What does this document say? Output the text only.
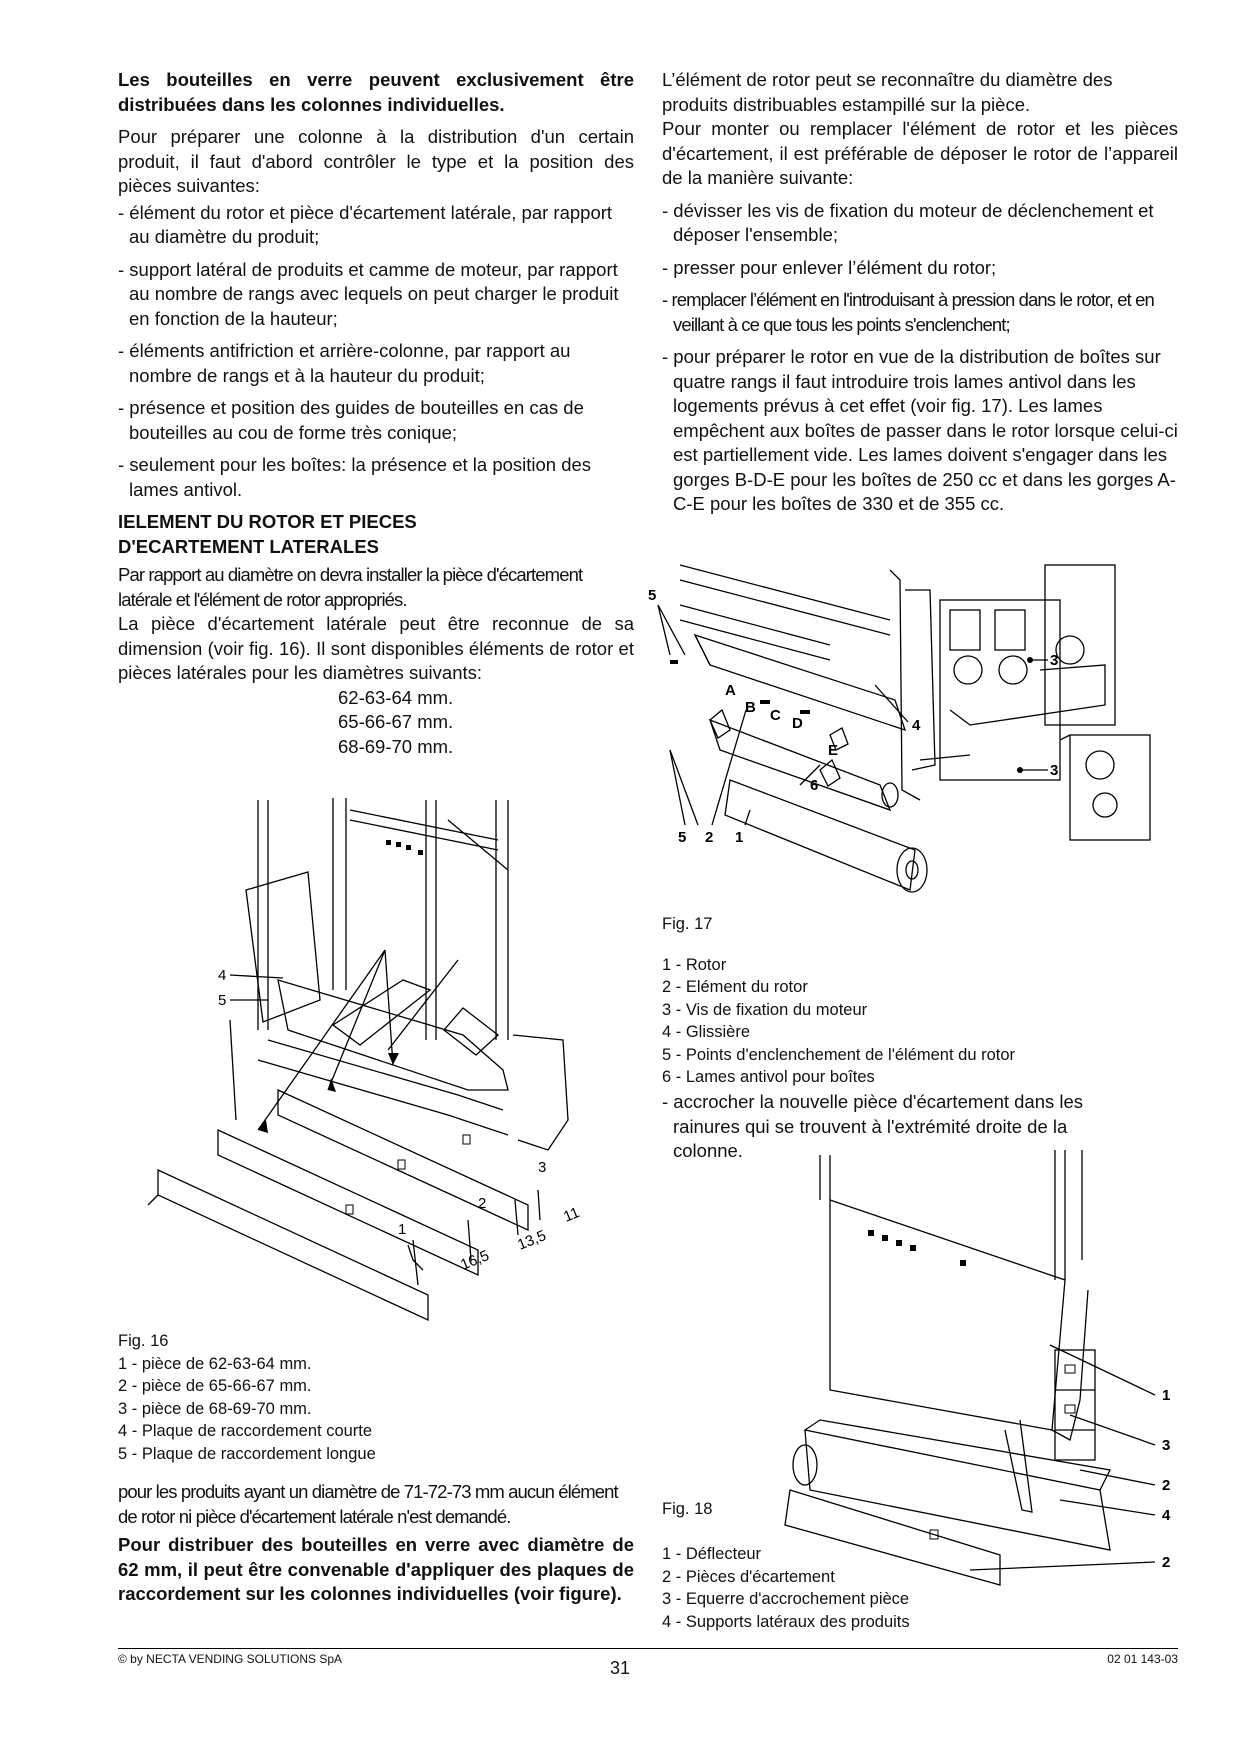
Les bouteilles en verre peuvent exclusivement être distribuées dans les colonnes individuelles.

Pour préparer une colonne à la distribution d'un certain produit, il faut d'abord contrôler le type et la position des pièces suivantes:

- élément du rotor et pièce d'écartement latérale, par rapport au diamètre du produit;

- support latéral de produits et camme de moteur, par rapport au nombre de rangs avec lequels on peut charger le produit en fonction de la hauteur;

- éléments antifriction et arrière-colonne, par rapport au nombre de rangs et à la hauteur du produit;

- présence et position des guides de bouteilles en cas de bouteilles au cou de forme très conique;

- seulement pour les boîtes: la présence et la position des lames antivol.

IELEMENT DU ROTOR ET PIECES

D'ECARTEMENT LATERALES

Par rapport au diamètre on devra installer la pièce d'écartement latérale et l'élément de rotor appropriés.

La pièce d'écartement latérale peut être reconnue de sa dimension (voir fig. 16). Il sont disponibles éléments de rotor et pièces latérales pour les diamètres suivants:

62-63-64 mm.

65-66-67 mm.

68-69-70 mm.

4
5
1
2
3
16,5
13,5
11

Fig. 16

1 - pièce de 62-63-64 mm.

2 - pièce de 65-66-67 mm.

3 - pièce de 68-69-70 mm.

4 - Plaque de raccordement courte

5 - Plaque de raccordement longue

pour les produits ayant un diamètre de 71-72-73 mm aucun élément de rotor ni pièce d'écartement latérale n'est demandé.

Pour distribuer des bouteilles en verre avec diamètre de 62 mm, il peut être convenable d'appliquer des plaques de raccordement sur les colonnes individuelles (voir figure).

L’élément de rotor peut se reconnaître du diamètre des produits distribuables estampillé sur la pièce.

Pour monter ou remplacer l'élément de rotor et les pièces d'écartement, il est préférable de déposer le rotor de l’appareil de la manière suivante:

- dévisser les vis de fixation du moteur de déclenchement et déposer l'ensemble;

- presser pour enlever l’élément du rotor;

- remplacer l’élément en l'introduisant à pression dans le rotor, et en veillant à ce que tous les points s'enclenchent;

- pour préparer le rotor en vue de la distribution de boîtes sur quatre rangs il faut introduire trois lames antivol dans les logements prévus à cet effet (voir fig. 17). Les lames empêchent aux boîtes de passer dans le rotor lorsque celui-ci est partiellement vide. Les lames doivent s'engager dans les gorges B-D-E pour les boîtes de 250 cc et dans les gorges A-C-E pour les boîtes de 330 et de 355 cc.

5
A
B C D
E
6
4
3
3
5 2 1

Fig. 17

1 - Rotor

2 - Elément du rotor

3 - Vis de fixation du moteur

4 - Glissière

5 - Points d'enclenchement de l'élément du rotor

6 - Lames antivol pour boîtes

- accrocher la nouvelle pièce d'écartement dans les rainures qui se trouvent à l'extrémité droite de la colonne.

1
3
2
4
2

Fig. 18

1 - Déflecteur

2 - Pièces d'écartement

3 - Equerre d'accrochement pièce

4 - Supports latéraux des produits

© by NECTA VENDING SOLUTIONS SpA	31	02 01 143-03
